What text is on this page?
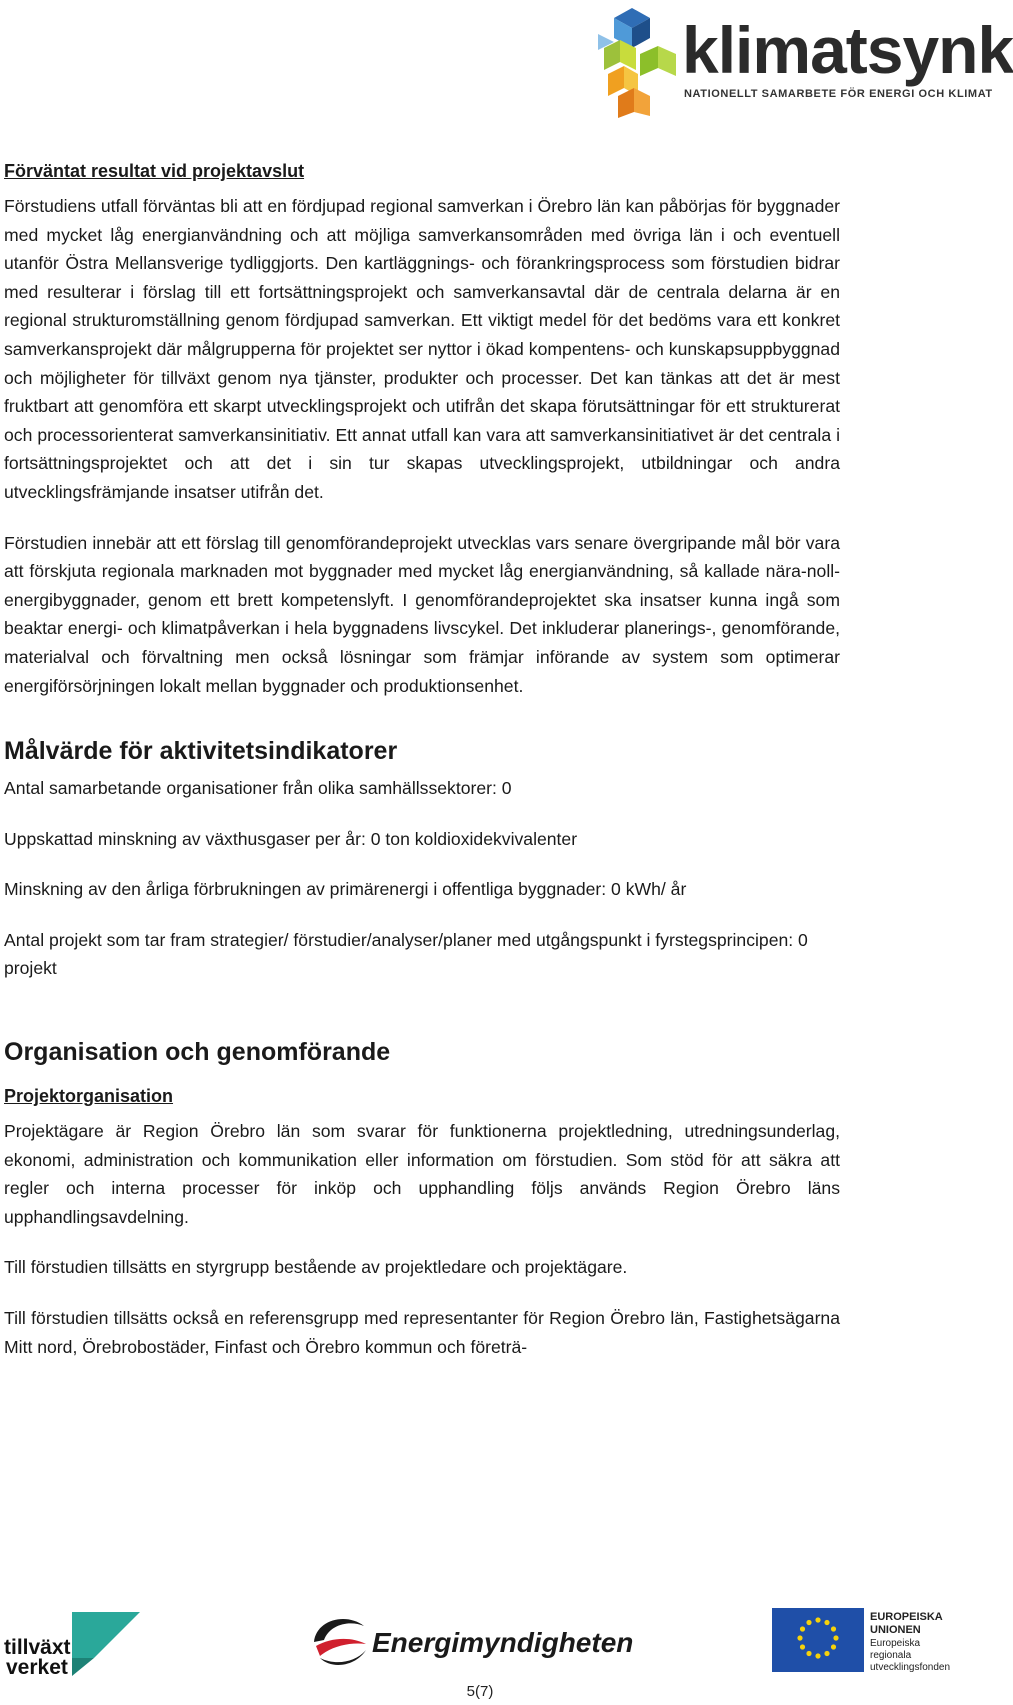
klimatsynk
NATIONELLT SAMARBETE FÖR ENERGI OCH KLIMAT
Förväntat resultat vid projektavslut

Förstudiens utfall förväntas bli att en fördjupad regional samverkan i Örebro län kan påbörjas för byggnader med mycket låg energianvändning och att möjliga samverkansområden med övriga län i och eventuell utanför Östra Mellansverige tydliggjorts. Den kartläggnings- och förankringsprocess som förstudien bidrar med resulterar i förslag till ett fortsättningsprojekt och samverkansavtal där de centrala delarna är en regional strukturomställning genom fördjupad samverkan. Ett viktigt medel för det bedöms vara ett konkret samverkansprojekt där målgrupperna för projektet ser nyttor i ökad kompentens- och kunskapsuppbyggnad och möjligheter för tillväxt genom nya tjänster, produkter och processer. Det kan tänkas att det är mest fruktbart att genomföra ett skarpt utvecklingsprojekt och utifrån det skapa förutsättningar för ett strukturerat och processorienterat samverkansinitiativ. Ett annat utfall kan vara att samverkansinitiativet är det centrala i fortsättningsprojektet och att det i sin tur skapas utvecklingsprojekt, utbildningar och andra utvecklingsfrämjande insatser utifrån det.

Förstudien innebär att ett förslag till genomförandeprojekt utvecklas vars senare övergripande mål bör vara att förskjuta regionala marknaden mot byggnader med mycket låg energianvändning, så kallade nära-noll-energibyggnader, genom ett brett kompetenslyft. I genomförandeprojektet ska insatser kunna ingå som beaktar energi- och klimatpåverkan i hela byggnadens livscykel. Det inkluderar planerings-, genomförande, materialval och förvaltning men också lösningar som främjar införande av system som optimerar energiförsörjningen lokalt mellan byggnader och produktionsenhet.

Målvärde för aktivitetsindikatorer

Antal samarbetande organisationer från olika samhällssektorer: 0

Uppskattad minskning av växthusgaser per år: 0 ton koldioxidekvivalenter

Minskning av den årliga förbrukningen av primärenergi i offentliga byggnader: 0 kWh/ år

Antal projekt som tar fram strategier/ förstudier/analyser/planer med utgångspunkt i fyrstegsprincipen: 0 projekt

Organisation och genomförande
Projektorganisation

Projektägare är Region Örebro län som svarar för funktionerna projektledning, utredningsunderlag, ekonomi, administration och kommunikation eller information om förstudien. Som stöd för att säkra att regler och interna processer för inköp och upphandling följs används Region Örebro läns upphandlingsavdelning.

Till förstudien tillsätts en styrgrupp bestående av projektledare och projektägare.

Till förstudien tillsätts också en referensgrupp med representanter för Region Örebro län, Fastighetsägarna Mitt nord, Örebrobostäder, Finfast och Örebro kommun och företrä-

tillväxt
verket
Energimyndigheten
EUROPEISKA
UNIONEN
Europeiska
regionala
utvecklingsfonden
5(7)
